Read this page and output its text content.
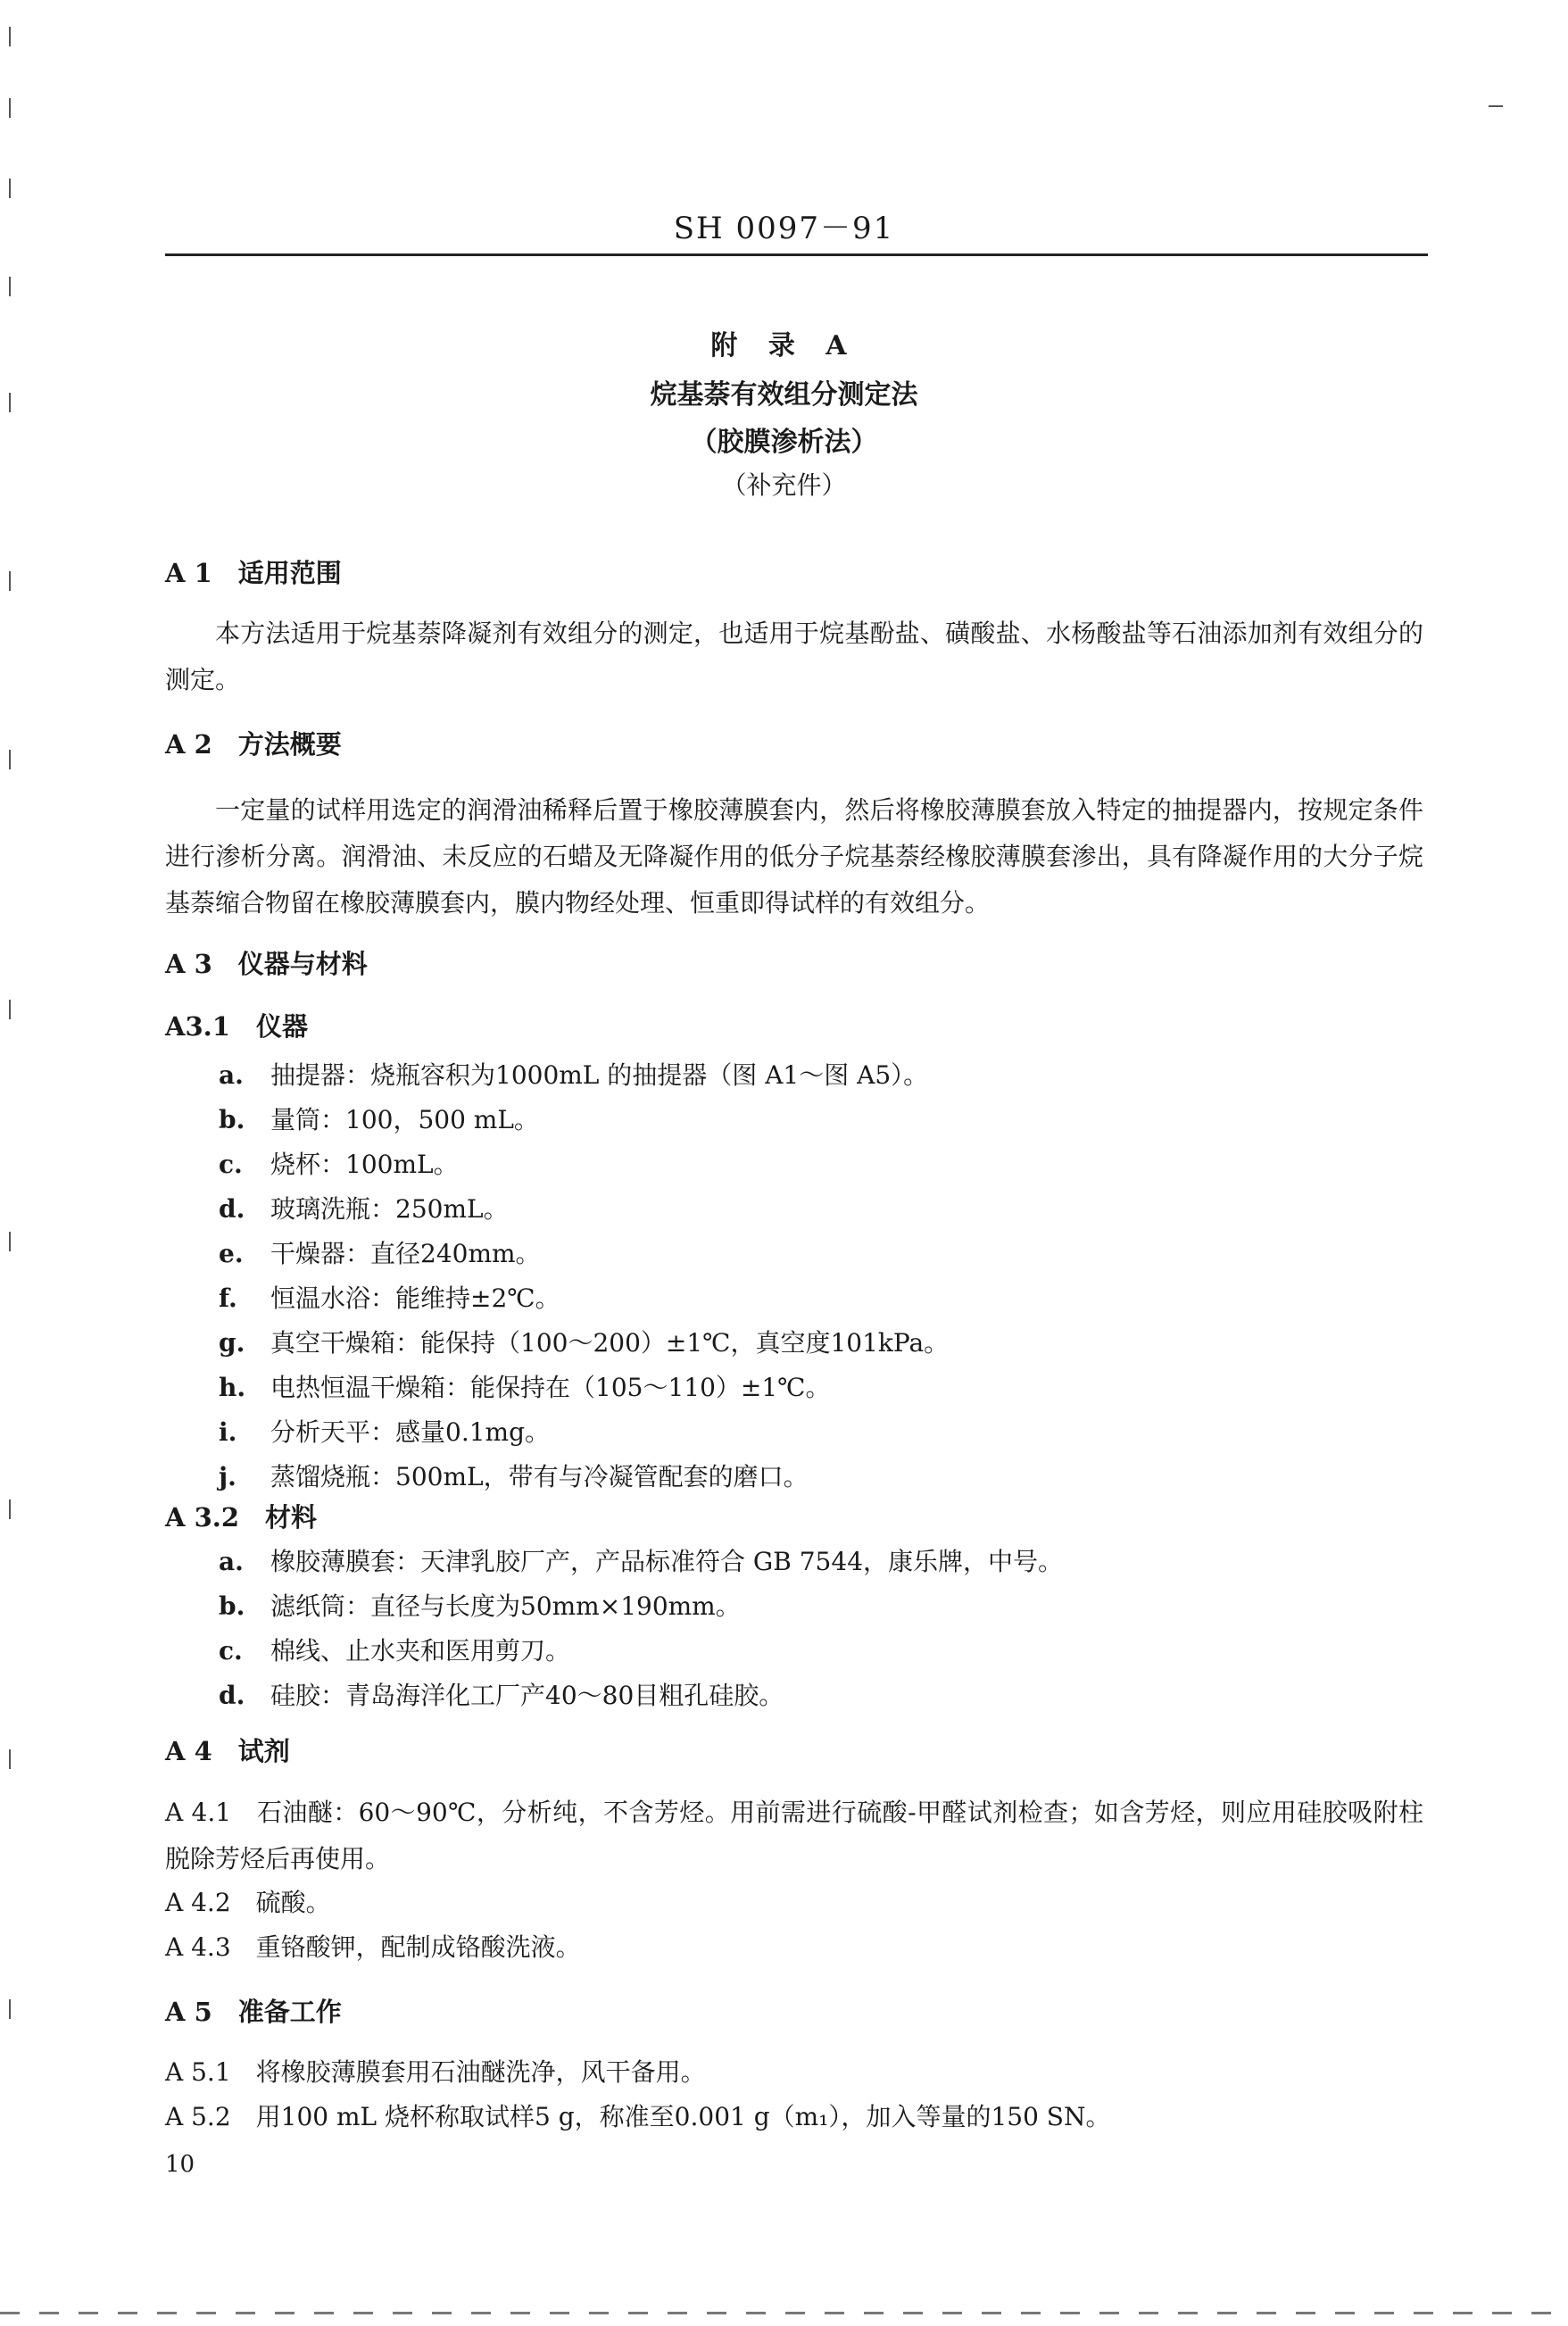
SH 0097－91
附 录 A
烷基萘有效组分测定法
（胶膜渗析法）
（补充件）
A 1　适用范围

本方法适用于烷基萘降凝剂有效组分的测定，也适用于烷基酚盐、磺酸盐、水杨酸盐等石油添加剂有效组分的测定。

A 2　方法概要

一定量的试样用选定的润滑油稀释后置于橡胶薄膜套内，然后将橡胶薄膜套放入特定的抽提器内，按规定条件进行渗析分离。润滑油、未反应的石蜡及无降凝作用的低分子烷基萘经橡胶薄膜套渗出，具有降凝作用的大分子烷基萘缩合物留在橡胶薄膜套内，膜内物经处理、恒重即得试样的有效组分。

A 3　仪器与材料
A3.1　仪器
a. 抽提器：烧瓶容积为1000mL 的抽提器（图 A1～图 A5）。
b. 量筒：100，500 mL。
c. 烧杯：100mL。
d. 玻璃洗瓶：250mL。
e. 干燥器：直径240mm。
f. 恒温水浴：能维持±2℃。
g. 真空干燥箱：能保持（100～200）±1℃，真空度101kPa。
h. 电热恒温干燥箱：能保持在（105～110）±1℃。
i. 分析天平：感量0.1mg。
j. 蒸馏烧瓶：500mL，带有与冷凝管配套的磨口。
A 3.2　材料
a. 橡胶薄膜套：天津乳胶厂产，产品标准符合 GB 7544，康乐牌，中号。
b. 滤纸筒：直径与长度为50mm×190mm。
c. 棉线、止水夹和医用剪刀。
d. 硅胶：青岛海洋化工厂产40～80目粗孔硅胶。
A 4　试剂
A 4.1　石油醚：60～90℃，分析纯，不含芳烃。用前需进行硫酸-甲醛试剂检查；如含芳烃，则应用硅胶吸附柱脱除芳烃后再使用。
A 4.2　硫酸。
A 4.3　重铬酸钾，配制成铬酸洗液。
A 5　准备工作
A 5.1　将橡胶薄膜套用石油醚洗净，风干备用。
A 5.2　用100 mL 烧杯称取试样5 g，称准至0.001 g（m₁），加入等量的150 SN。
10
